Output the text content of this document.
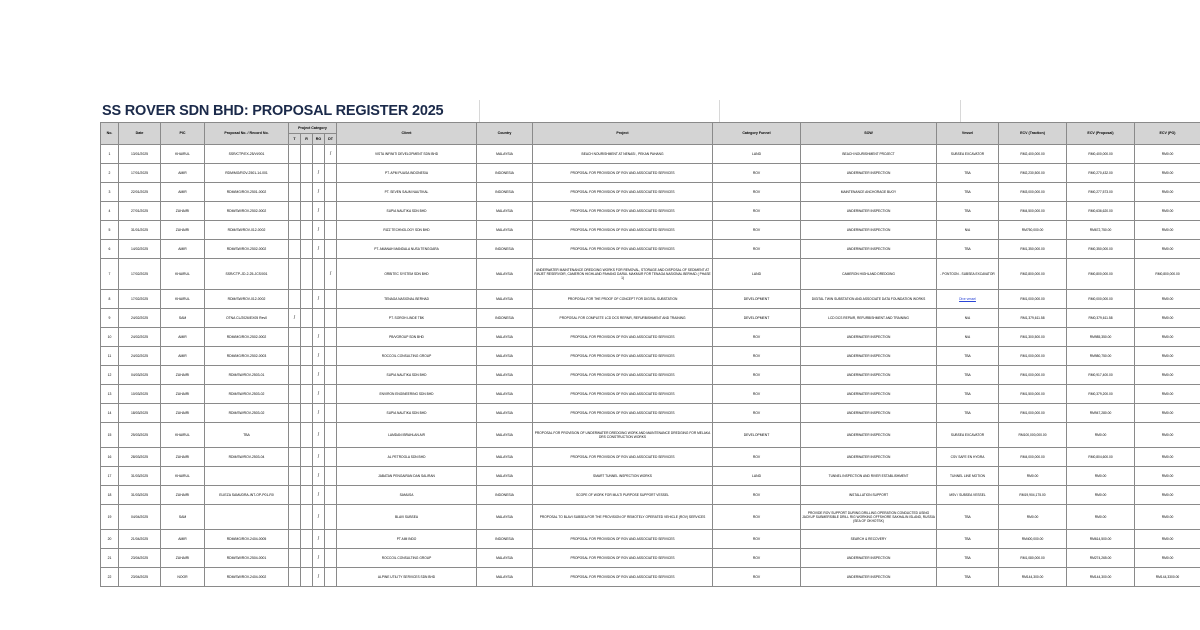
SS ROVER SDN BHD: PROPOSAL REGISTER 2025
No.	Date	PIC	Proposal No. / Record No.	Project Category				Client	Country	Project	Category Funnel	SOW	Vessel	ECV (Traction)	ECV (Proposal)	ECV (PO)
				T	R	RO	DT									
1	13/01/2025	KHAIRUL	SSR/CTP/EX-25/VI/001				/	VISTA INFINITI DEVELOPMENT SDN BHD	MALAYSIA	BEACH NOURISHMENT AT NENASI , PEKAN PAHANG	LAND	BEACH NOURISHMENT PROJECT	SUBSEA EXCAVATOR	RM2,400,000.00	RM0,400,000.00	RM0.00
2	17/01/2025	AMIR	RDM/MG/ROV-2501-14-001			/		PT. APM PUASA INDONESIA	INDONESIA	PROPOSAL FOR PROVISION OF ROV AND ASSOCIATED SERVICES	ROV	UNDERWATER INSPECTION	TBA	RM2,230,500.00	RM0,270,432.00	RM0.00
3	22/01/2025	AMIR	RDM/MG/ROV-2501-0002			/		PT. SEVEN SAUM NAUTIKAL	INDONESIA	PROPOSAL FOR PROVISION OF ROV AND ASSOCIATED SERVICES	ROV	MAINTENANCE ANCHORAGE BUOY	TBA	RM3,000,000.00	RM0,277,573.00	RM0.00
4	27/01/2025	ZUHAIRI	RDM/SW/ROV-2502-0002			/		SUPIA NAUTIKA SDN BHD	MALAYSIA	PROPOSAL FOR PROVISION OF ROV AND ASSOCIATED SERVICES	ROV	UNDERWATER INSPECTION	TBA	RM4,500,000.00	RM0,636,620.00	RM0.00
5	31/01/2025	ZUHAIRI	RDM/SW/ROV-012-0002			/		RIZZ TECHNOLOGY SDN BHD	MALAYSIA	PROPOSAL FOR PROVISION OF ROV AND ASSOCIATED SERVICES	ROV	UNDERWATER INSPECTION	N/A	RM750,000.00	RM672,750.00	RM0.00
6	14/02/2025	AMIR	RDM/SW/ROV-2502-0002			/		PT. AMANAH MANDALA NUSA TENGGARA	INDONESIA	PROPOSAL FOR PROVISION OF ROV AND ASSOCIATED SERVICES	ROV	UNDERWATER INSPECTION	TBA	RM1,350,000.00	RM0,350,000.00	RM0.00
7	17/02/2025	KHAIRUL	SSR/CTP-JD-2-25-JCS/001				/	ORBITEC SYSTEM SDN BHD	MALAYSIA	UNDERWATER MAINTENANCE DREDGING WORKS FOR REMOVAL, STORAGE AND DISPOSAL OF SEDIMENT AT RINJET RESERVOIR, CAMERON HIGHLAND PAHANG DARUL MAKMUR FOR TENAGA NASIONAL BERHAD ( PHASE 1)	LAND	CAMERON HIGHLAND DREDGING	- PONTOON - SUBSEA EXCAVATOR	RM2,800,000.00	RM0,800,000.00	RM0,800,000.00
8	17/02/2025	KHAIRUL	RDM/SW/ROV-012-0002			/		TENAGA NASIONAL BERHAD	MALAYSIA	PROPOSAL FOR THE PROOF OF CONCEPT FOR DIGITAL SUBSTATION	DEVELOPMENT	DIGITAL TWIN SUBSTATION AND ASSOCIATE DATA FOUNDATION WORKS	Dive vessel	RM1,000,000.00	RM0,000,000.00	RM0.00
9	24/02/2025	SAM	OTNA CL/2026/EX05 Rev0	/				PT. SOROH LINDE TBK	INDONESIA	PROPOSAL FOR COMPLETE LCD DCS REPAIR, REFURBISHMENT AND TRAINING	DEVELOPMENT	LCD DCS REPAIR, REFURBISHMENT AND TRAINING	N/A	RM1,379,611.58	RM0,379,611.58	RM0.00
10	24/02/2025	AMIR	RDM/MG/ROV-2502-0002			/		PB/VGROUP SDN BHD	MALAYSIA	PROPOSAL FOR PROVISION OF ROV AND ASSOCIATED SERVICES	ROV	UNDERWATER INSPECTION	N/A	RM1,300,500.00	RM985,350.00	RM0.00
11	24/02/2025	AMIR	RDM/MG/ROV-2502-0003			/		ROCCOIL CONSULTING GROUP	MALAYSIA	PROPOSAL FOR PROVISION OF ROV AND ASSOCIATED SERVICES	ROV	UNDERWATER INSPECTION	TBA	RM1,000,000.00	RM980,750.00	RM0.00
12	04/03/2025	ZUHAIRI	RDM/SW/ROV-2503-01			/		SUPIA NAUTIKA SDN BHD	MALAYSIA	PROPOSAL FOR PROVISION OF ROV AND ASSOCIATED SERVICES	ROV	UNDERWATER INSPECTION	TBA	RM1,000,000.00	RM0,917,400.00	RM0.00
13	10/03/2025	ZUHAIRI	RDM/SW/ROV-2503-02			/		ENVIRON ENGINEERING SDN BHD	MALAYSIA	PROPOSAL FOR PROVISION OF ROV AND ASSOCIATED SERVICES	ROV	UNDERWATER INSPECTION	TBA	RM1,500,000.00	RM0,379,200.00	RM0.00
14	18/03/2025	ZUHAIRI	RDM/SW/ROV-2503-02			/		SUPIA NAUTIKA SDN BHD	MALAYSIA	PROPOSAL FOR PROVISION OF ROV AND ASSOCIATED SERVICES	ROV	UNDERWATER INSPECTION	TBA	RM1,000,000.00	RM947,280.00	RM0.00
15	25/03/2025	KHAIRUL	TBA			/		LAMDAN IBRAHLAN AIR	MALAYSIA	PROPOSAL FOR PROVISION OF UNDERWATER DREDGING WORK AND MAINTENANCE DREDGING FOR MELAKA DRS CONSTRUCTION WORKS	DEVELOPMENT	UNDERWATER INSPECTION	SUBSEA EXCAVATOR	RM100,000,000.00	RM0.00	RM0.00
16	28/03/2025	ZUHAIRI	RDM/SW/ROV-2503-04			/		AL PETROGLA SDN BHD	MALAYSIA	PROPOSAL FOR PROVISION OF ROV AND ASSOCIATED SERVICES	ROV	UNDERWATER INSPECTION	CSV SAFE EN HYDRA	RM4,000,000.00	RM0,804,600.00	RM0.00
17	31/03/2025	KHAIRUL				/		JABATAN PENGAIRAN DAN SALIRAN	MALAYSIA	SMART TUNNEL INSPECTION WORKS	LAND	TUNNEL INSPECTION AND RIVER ESTABLISHMENT	TUNNEL LINE MOTION	RM0.00	RM0.00	RM0.00
18	31/03/2025	ZUHAIRI	ELIEZA SAMUDRA-INT-OP-P01-R0			/		SAMUSA	INDONESIA	SCOPE OF WORK FOR MULTI PURPOSE SUPPORT VESSEL	ROV	INSTALLATION SUPPORT	MSV / SUBSEA VESSEL	RM19,904,175.00	RM0.00	RM0.00
19	04/04/2025	SAM				/		BLAVI SUBSEA	MALAYSIA	PROPOSAL TO BLAVI SUBSEA FOR THE PROVISION OF REMOTELY OPERATED VEHICLE (ROV) SERVICES	ROV	PROVIDE ROV SUPPORT DURING DRILLING OPERATION CONDUCTED USING JACKUP SUBMERSIBLE DRILL RIG WORKING OFFSHORE SAKHALIN ISLAND, RUSSIA (SEA OF OKHOTSK)	TBA	RM0.00	RM0.00	RM0.00
20	21/04/2025	AMIR	RDM/MG/ROV-2404-0005			/		PT AIM INDO	INDONESIA	PROPOSAL FOR PROVISION OF ROV AND ASSOCIATED SERVICES	ROV	SEARCH & RECOVERY	TBA	RM400,000.00	RM614,500.00	RM0.00
21	23/04/2025	ZUHAIRI	RDM/SW/ROV-2504-0001			/		ROCCOIL CONSULTING GROUP	MALAYSIA	PROPOSAL FOR PROVISION OF ROV AND ASSOCIATED SERVICES	ROV	UNDERWATER INSPECTION	TBA	RM1,080,000.00	RM274,265.00	RM0.00
22	23/04/2025	NOOR	RDM/SW/ROV-2404-0002			/		ALPINE UTILITY SERVICES SDN BHD	MALAYSIA	PROPOSAL FOR PROVISION OF ROV AND ASSOCIATED SERVICES	ROV	UNDERWATER INSPECTION	TBA	RM144,300.00	RM144,300.00	RM144,3300.00
